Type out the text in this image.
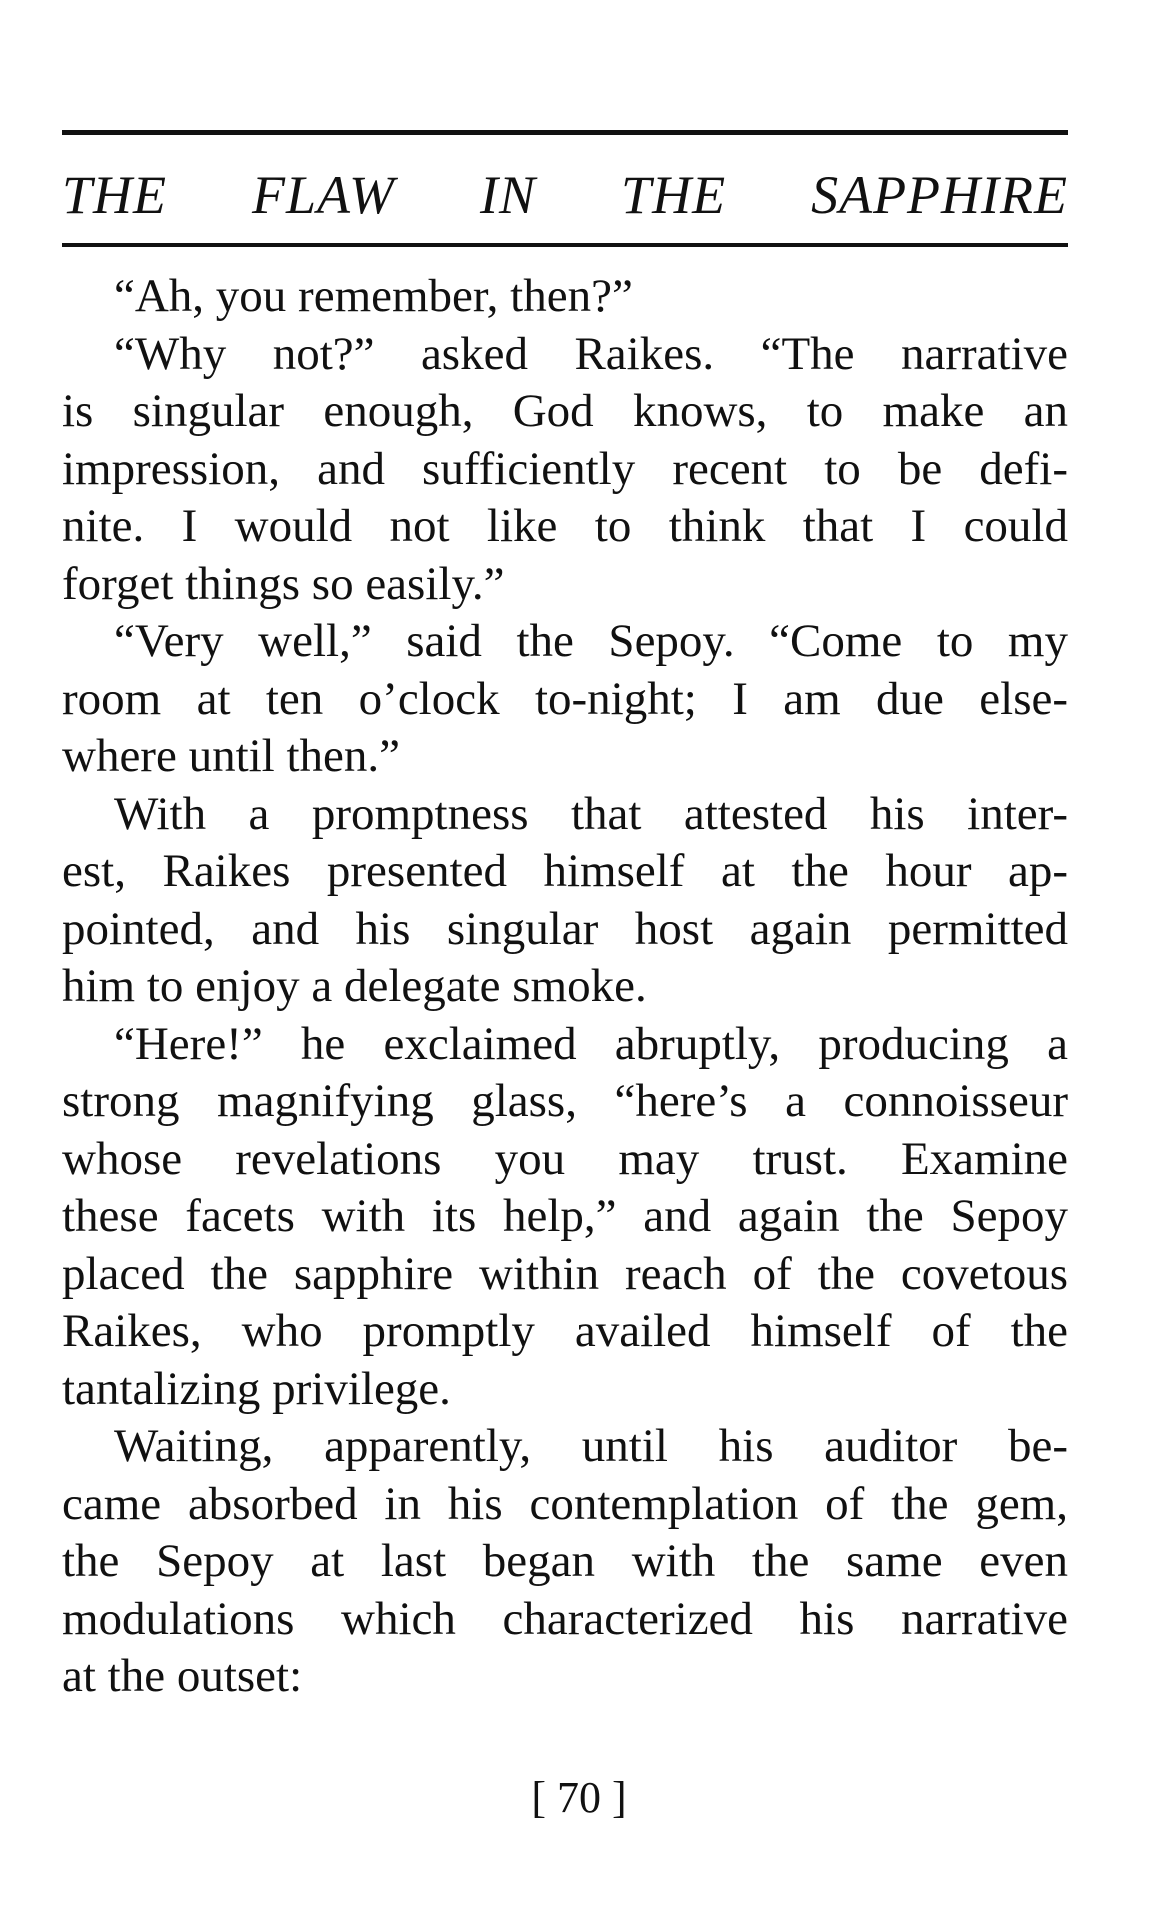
THE FLAW IN THE SAPPHIRE
“Ah, you remember, then?”
“Why not?” asked Raikes. “The narrative
is singular enough, God knows, to make an
impression, and sufficiently recent to be defi-
nite. I would not like to think that I could
forget things so easily.”
“Very well,” said the Sepoy. “Come to my
room at ten o’clock to-night; I am due else-
where until then.”
With a promptness that attested his inter-
est, Raikes presented himself at the hour ap-
pointed, and his singular host again permitted
him to enjoy a delegate smoke.
“Here!” he exclaimed abruptly, producing a
strong magnifying glass, “here’s a connoisseur
whose revelations you may trust. Examine
these facets with its help,” and again the Sepoy
placed the sapphire within reach of the covetous
Raikes, who promptly availed himself of the
tantalizing privilege.
Waiting, apparently, until his auditor be-
came absorbed in his contemplation of the gem,
the Sepoy at last began with the same even
modulations which characterized his narrative
at the outset:
[ 70 ]
